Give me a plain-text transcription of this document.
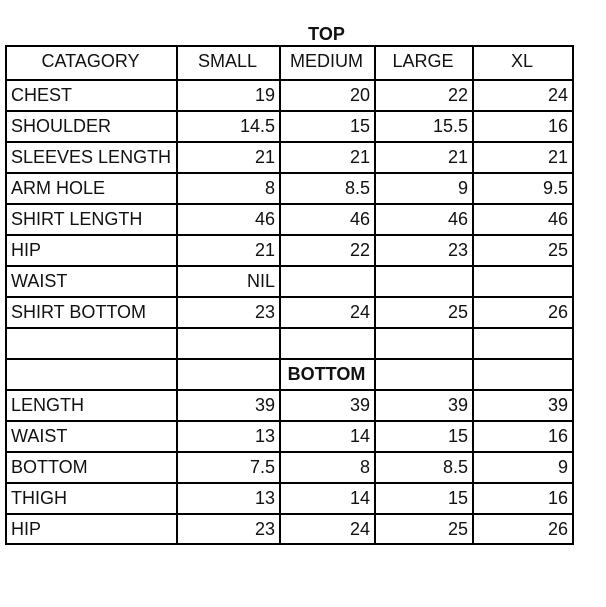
TOP
CATAGORY	SMALL	MEDIUM	LARGE	XL
CHEST	19	20	22	24
SHOULDER	14.5	15	15.5	16
SLEEVES LENGTH	21	21	21	21
ARM HOLE	8	8.5	9	9.5
SHIRT LENGTH	46	46	46	46
HIP	21	22	23	25
WAIST	NIL
SHIRT BOTTOM	23	24	25	26
BOTTOM
LENGTH	39	39	39	39
WAIST	13	14	15	16
BOTTOM	7.5	8	8.5	9
THIGH	13	14	15	16
HIP	23	24	25	26
